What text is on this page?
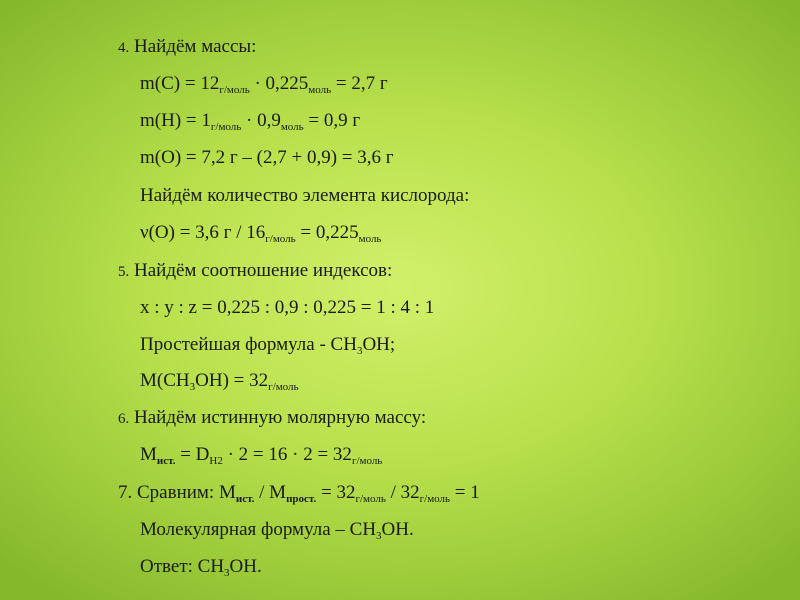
4. Найдём массы:
$m(C) = 12_{г/моль} \cdot 0,225_{моль} = 2,7$ г
$m(H) = 1_{г/моль} \cdot 0,9_{моль} = 0,9$ г
m(O) = 7,2 г – (2,7 + 0,9) = 3,6 г
Найдём количество элемента кислорода:
ν(O) = 3,6 $г / 16_{г/моль} = 0,225_{моль}$
5. Найдём соотношение индексов:
x : y : z = 0,225 : 0,9 : 0,225 = 1 : 4 : 1
Простейшая формула - $CH_3OH$;
$M(CH_3OH) = 32_{г/моль}$
6. Найдём истинную молярную массу:
$M_{ист.} = D_{H2} \cdot 2 = 16 \cdot 2 = 32_{г/моль}$
7. Сравним: $M_{ист.} / M_{прост.} = 32_{г/моль} / 32_{г/моль} = 1$
Молекулярная формула – $CH_3OH$.
Ответ: $CH_3OH$.
